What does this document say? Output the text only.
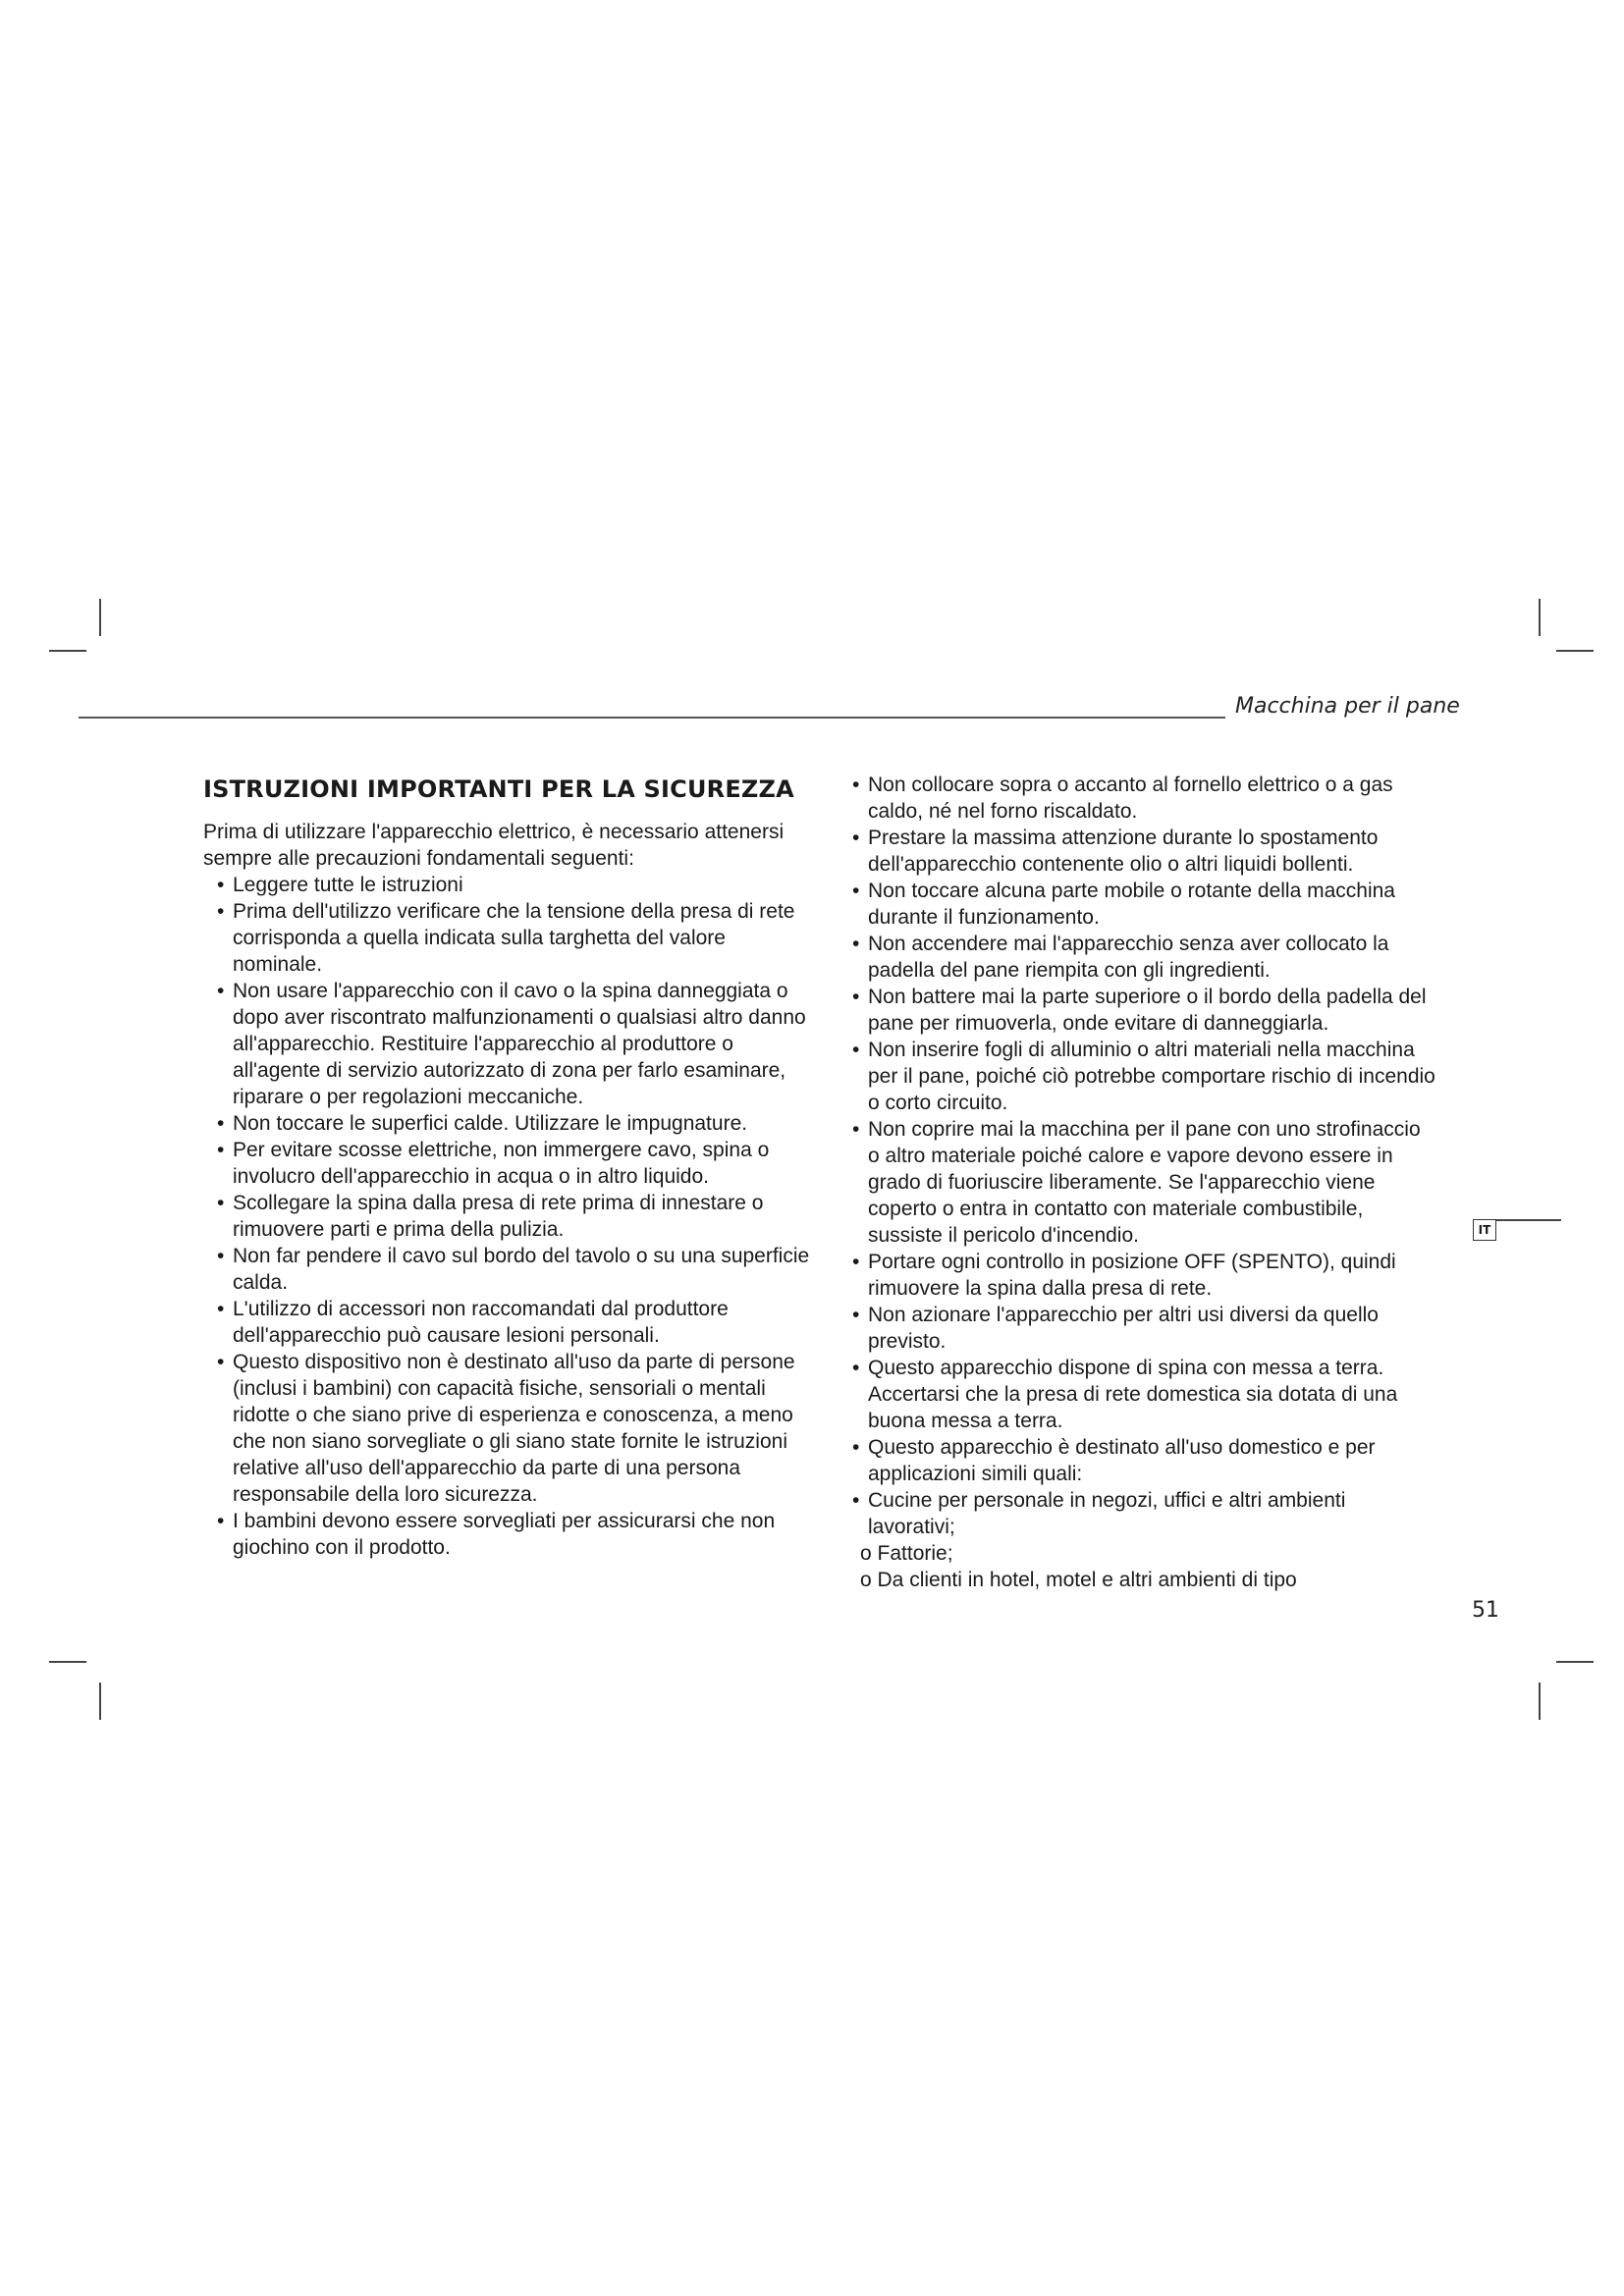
Macchina per il pane
IT
51
ISTRUZIONI IMPORTANTI PER LA SICUREZZA

Prima di utilizzare l'apparecchio elettrico, è necessario attenersi sempre alle precauzioni fondamentali seguenti:

• Leggere tutte le istruzioni
• Prima dell'utilizzo verificare che la tensione della presa di rete corrisponda a quella indicata sulla targhetta del valore nominale.
• Non usare l'apparecchio con il cavo o la spina danneggiata o dopo aver riscontrato malfunzionamenti o qualsiasi altro danno all'apparecchio. Restituire l'apparecchio al produttore o all'agente di servizio autorizzato di zona per farlo esaminare, riparare o per regolazioni meccaniche.
• Non toccare le superfici calde. Utilizzare le impugnature.
• Per evitare scosse elettriche, non immergere cavo, spina o involucro dell'apparecchio in acqua o in altro liquido.
• Scollegare la spina dalla presa di rete prima di innestare o rimuovere parti e prima della pulizia.
• Non far pendere il cavo sul bordo del tavolo o su una superficie calda.
• L'utilizzo di accessori non raccomandati dal produttore dell'apparecchio può causare lesioni personali.
• Questo dispositivo non è destinato all'uso da parte di persone (inclusi i bambini) con capacità fisiche, sensoriali o mentali ridotte o che siano prive di esperienza e conoscenza, a meno che non siano sorvegliate o gli siano state fornite le istruzioni relative all'uso dell'apparecchio da parte di una persona responsabile della loro sicurezza.
• I bambini devono essere sorvegliati per assicurarsi che non giochino con il prodotto.
• Non collocare sopra o accanto al fornello elettrico o a gas caldo, né nel forno riscaldato.
• Prestare la massima attenzione durante lo spostamento dell'apparecchio contenente olio o altri liquidi bollenti.
• Non toccare alcuna parte mobile o rotante della macchina durante il funzionamento.
• Non accendere mai l'apparecchio senza aver collocato la padella del pane riempita con gli ingredienti.
• Non battere mai la parte superiore o il bordo della padella del pane per rimuoverla, onde evitare di danneggiarla.
• Non inserire fogli di alluminio o altri materiali nella macchina per il pane, poiché ciò potrebbe comportare rischio di incendio o corto circuito.
• Non coprire mai la macchina per il pane con uno strofinaccio o altro materiale poiché calore e vapore devono essere in grado di fuoriuscire liberamente. Se l'apparecchio viene coperto o entra in contatto con materiale combustibile, sussiste il pericolo d'incendio.
• Portare ogni controllo in posizione OFF (SPENTO), quindi rimuovere la spina dalla presa di rete.
• Non azionare l'apparecchio per altri usi diversi da quello previsto.
• Questo apparecchio dispone di spina con messa a terra. Accertarsi che la presa di rete domestica sia dotata di una buona messa a terra.
• Questo apparecchio è destinato all'uso domestico e per applicazioni simili quali:
• Cucine per personale in negozi, uffici e altri ambienti lavorativi;
o Fattorie;
o Da clienti in hotel, motel e altri ambienti di tipo
